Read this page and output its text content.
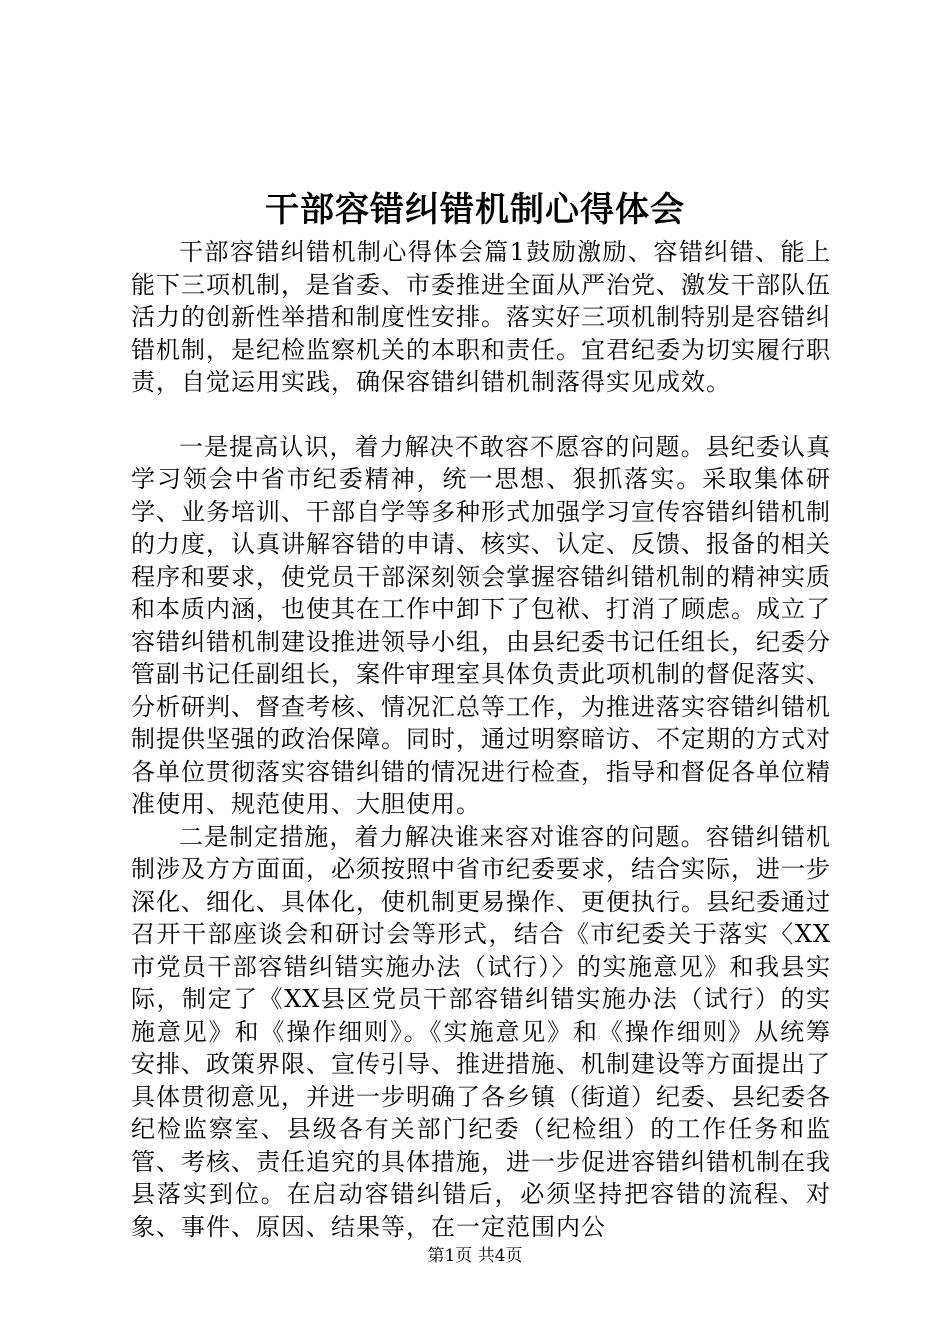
干部容错纠错机制心得体会

干部容错纠错机制心得体会篇1鼓励激励、容错纠错、能上能下三项机制，是省委、市委推进全面从严治党、激发干部队伍活力的创新性举措和制度性安排。落实好三项机制特别是容错纠错机制，是纪检监察机关的本职和责任。宜君纪委为切实履行职责，自觉运用实践，确保容错纠错机制落得实见成效。

一是提高认识，着力解决不敢容不愿容的问题。县纪委认真学习领会中省市纪委精神，统一思想、狠抓落实。采取集体研学、业务培训、干部自学等多种形式加强学习宣传容错纠错机制的力度，认真讲解容错的申请、核实、认定、反馈、报备的相关程序和要求，使党员干部深刻领会掌握容错纠错机制的精神实质和本质内涵，也使其在工作中卸下了包袱、打消了顾虑。成立了容错纠错机制建设推进领导小组，由县纪委书记任组长，纪委分管副书记任副组长，案件审理室具体负责此项机制的督促落实、分析研判、督查考核、情况汇总等工作，为推进落实容错纠错机制提供坚强的政治保障。同时，通过明察暗访、不定期的方式对各单位贯彻落实容错纠错的情况进行检查，指导和督促各单位精准使用、规范使用、大胆使用。

二是制定措施，着力解决谁来容对谁容的问题。容错纠错机制涉及方方面面，必须按照中省市纪委要求，结合实际，进一步深化、细化、具体化，使机制更易操作、更便执行。县纪委通过召开干部座谈会和研讨会等形式，结合《市纪委关于落实〈XX市党员干部容错纠错实施办法（试行）〉的实施意见》和我县实际，制定了《XX县区党员干部容错纠错实施办法（试行）的实施意见》和《操作细则》。《实施意见》和《操作细则》从统筹安排、政策界限、宣传引导、推进措施、机制建设等方面提出了具体贯彻意见，并进一步明确了各乡镇（街道）纪委、县纪委各纪检监察室、县级各有关部门纪委（纪检组）的工作任务和监管、考核、责任追究的具体措施，进一步促进容错纠错机制在我县落实到位。在启动容错纠错后，必须坚持把容错的流程、对象、事件、原因、结果等，在一定范围内公

第1页 共4页
